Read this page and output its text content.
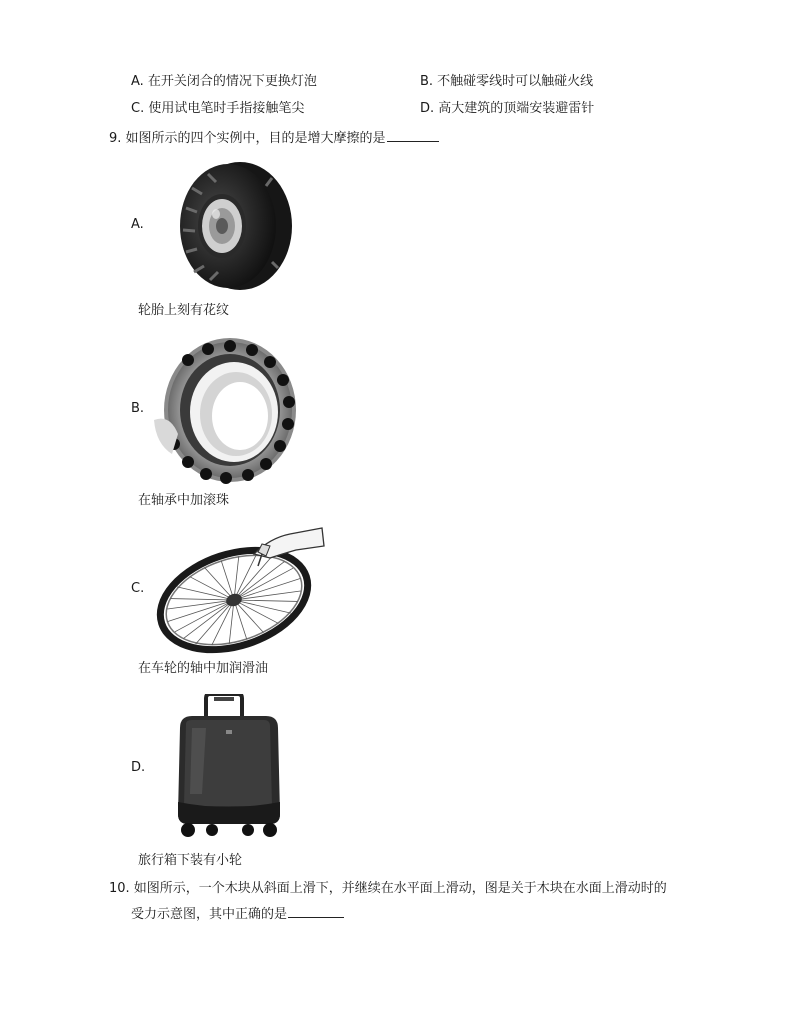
A. 在开关闭合的情况下更换灯泡	B. 不触碰零线时可以触碰火线
C. 使用试电笔时手指接触笔尖	D. 高大建筑的顶端安装避雷针
9. 如图所示的四个实例中，目的是增大摩擦的是
A.
轮胎上刻有花纹
B.
在轴承中加滚珠
C.
在车轮的轴中加润滑油
D.
旅行箱下装有小轮
10. 如图所示，一个木块从斜面上滑下，并继续在水平面上滑动，图是关于木块在水面上滑动时的
受力示意图，其中正确的是
